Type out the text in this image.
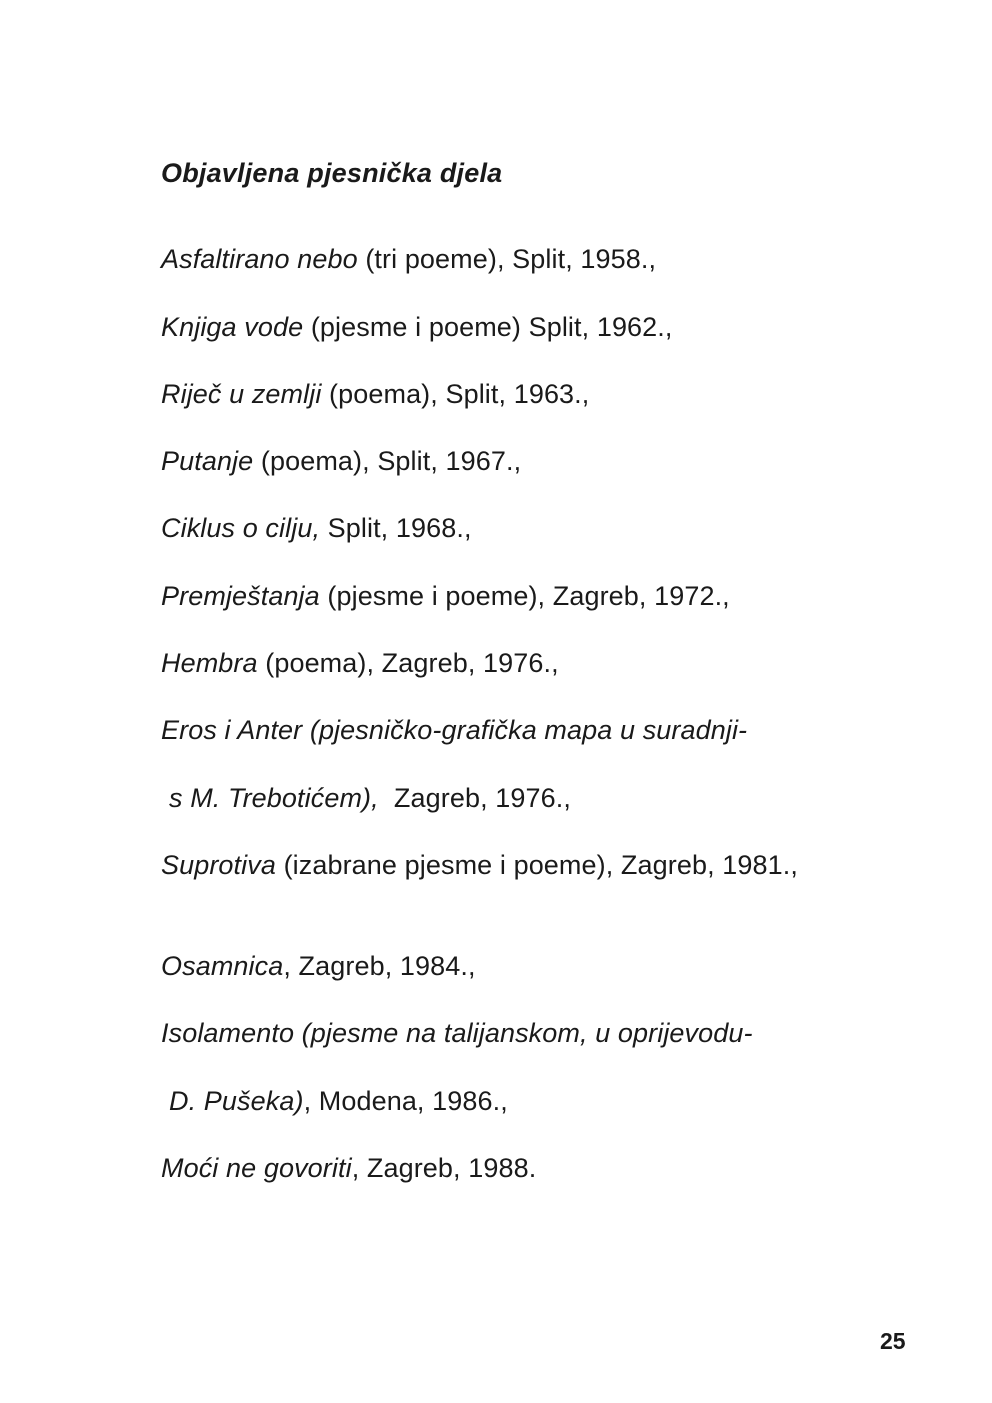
Objavljena pjesnička djela
Asfaltirano nebo (tri poeme), Split, 1958.,
Knjiga vode (pjesme i poeme) Split, 1962.,
Riječ u zemlji (poema), Split, 1963.,
Putanje (poema), Split, 1967.,
Ciklus o cilju, Split, 1968.,
Premještanja (pjesme i poeme), Zagreb, 1972.,
Hembra (poema), Zagreb, 1976.,
Eros i Anter (pjesničko-grafička mapa u suradnji-
s M. Trebotićem),  Zagreb, 1976.,
Suprotiva (izabrane pjesme i poeme), Zagreb, 1981.,
Osamnica, Zagreb, 1984.,
Isolamento (pjesme na talijanskom, u oprijevodu-
D. Pušeka), Modena, 1986.,
Moći ne govoriti, Zagreb, 1988.
25
